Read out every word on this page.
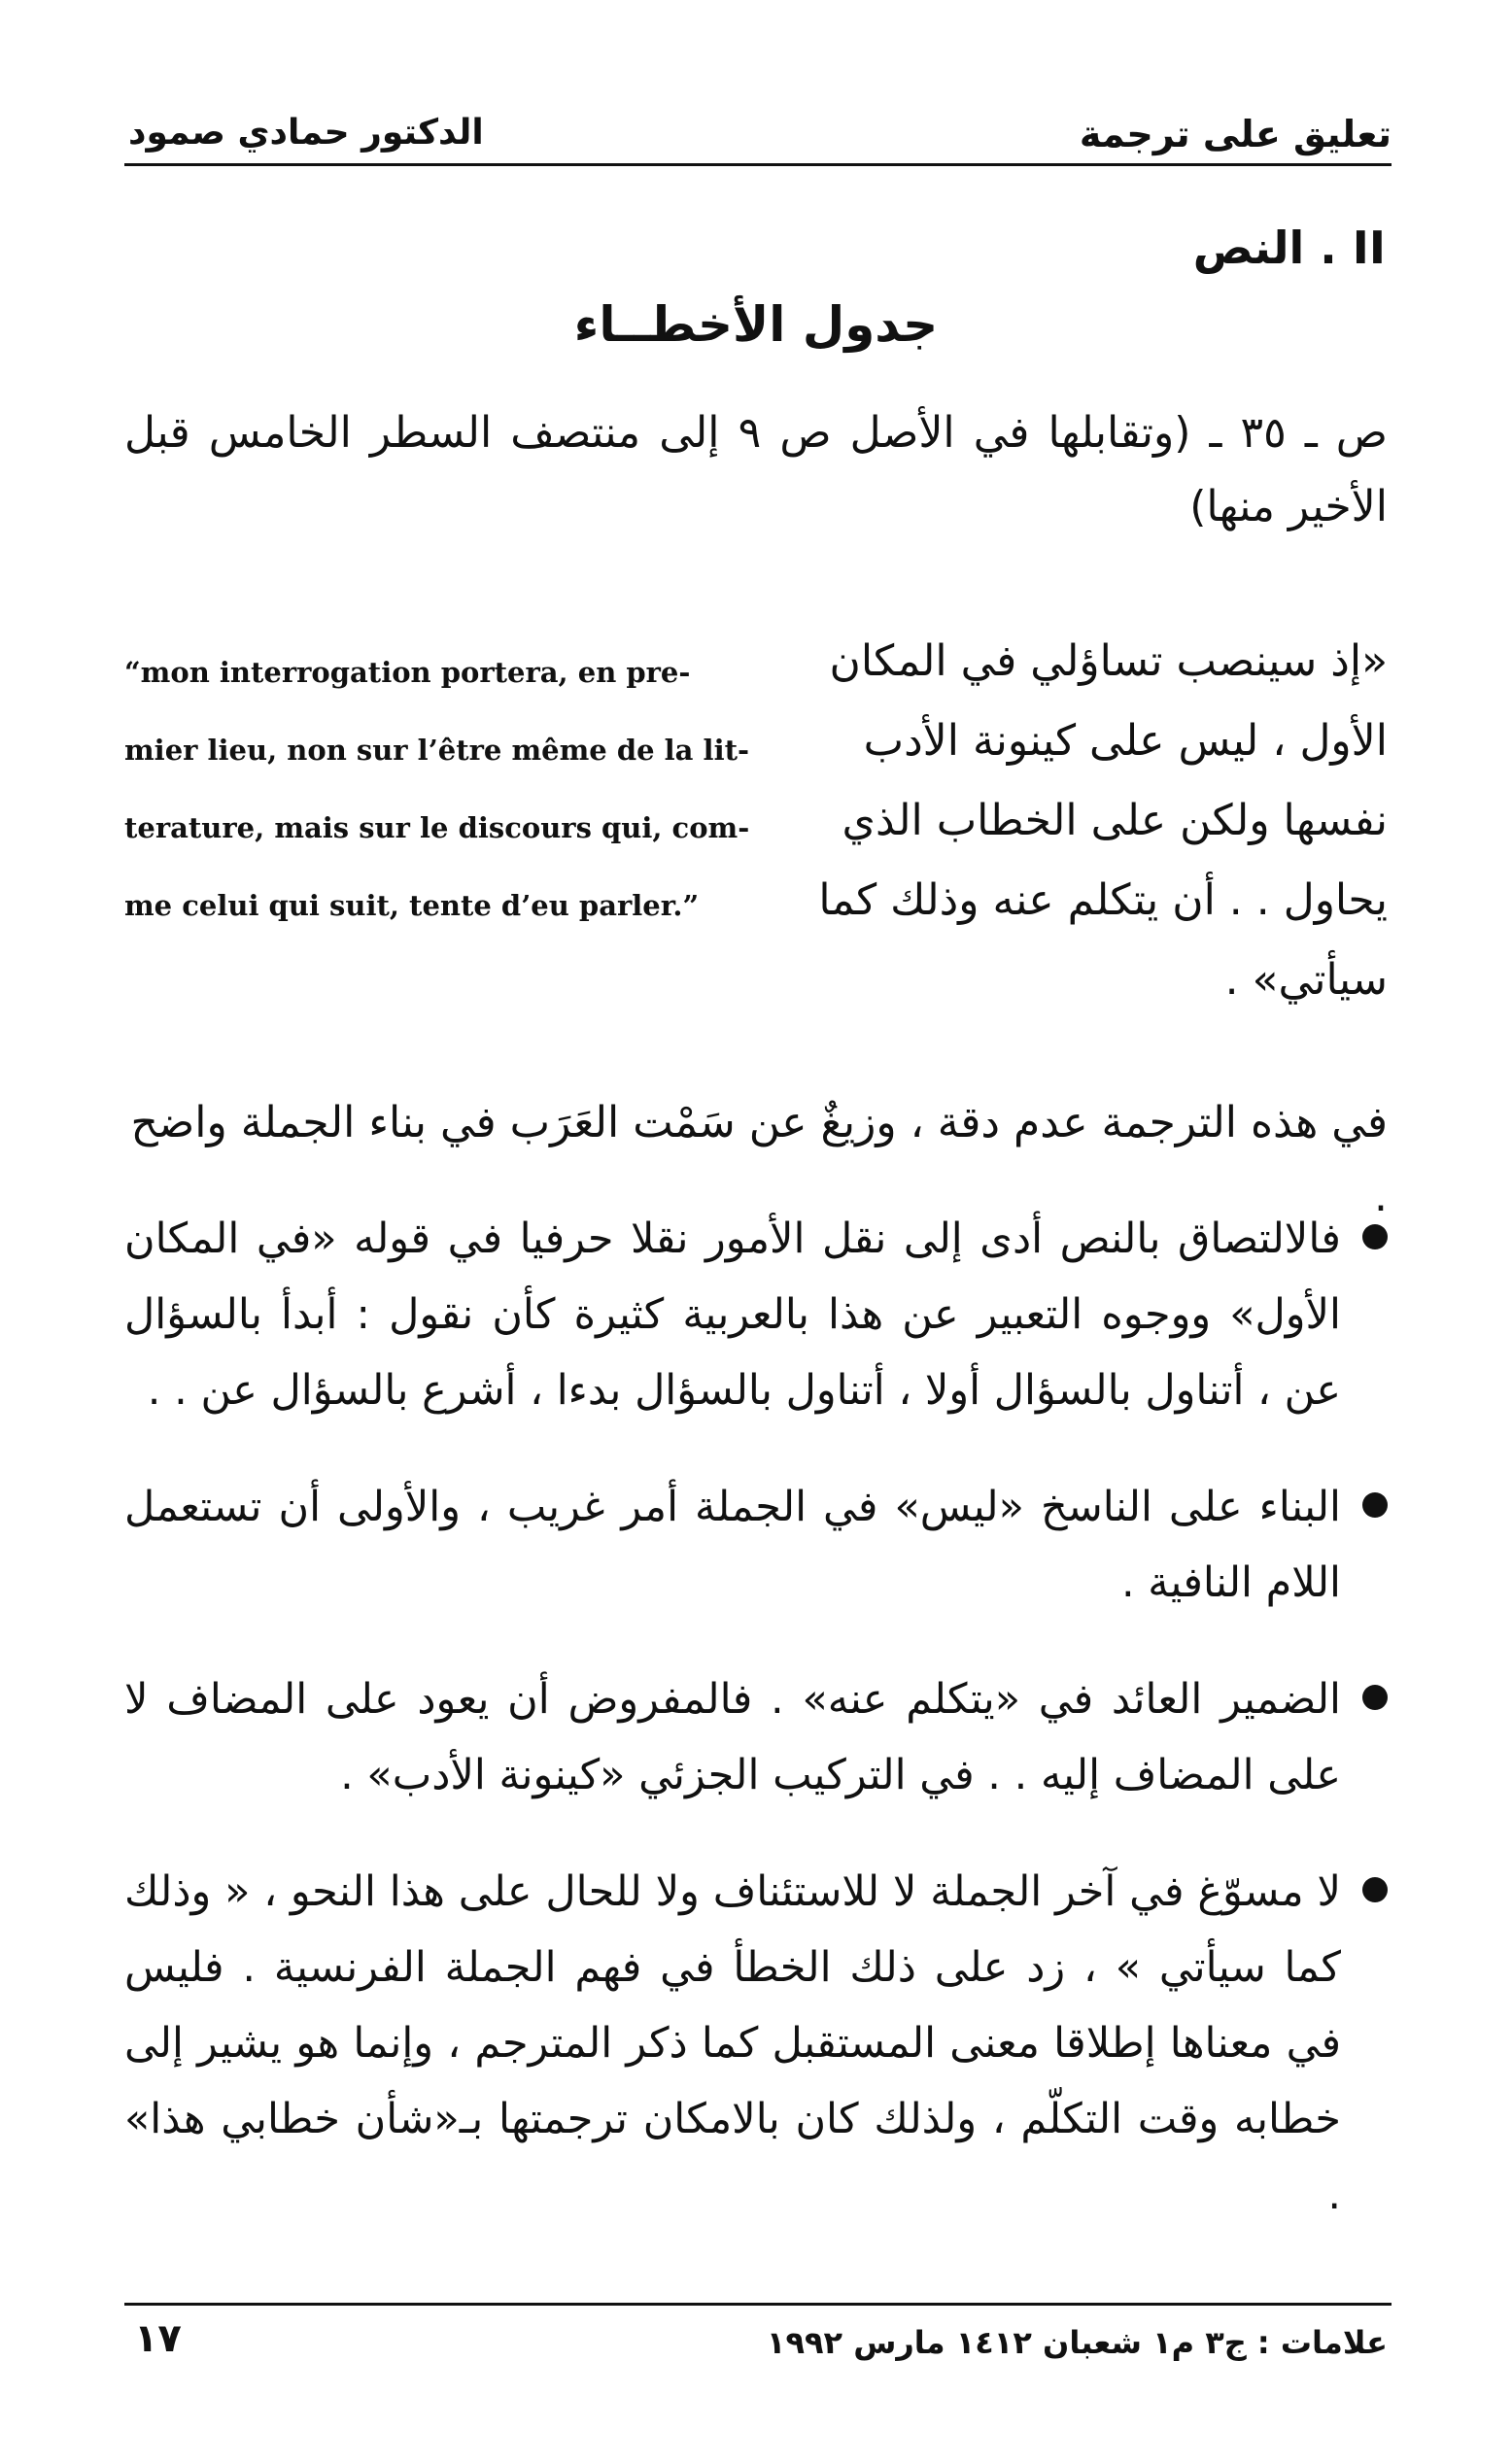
تعليق على ترجمة
الدكتور حمادي صمود
II . النص
جدول الأخطــاء
ص ـ ٣٥ ـ (وتقابلها في الأصل ص ٩ إلى منتصف السطر الخامس قبل الأخير منها)
“mon interrogation portera, en pre-
mier lieu, non sur l’être même de la lit-
terature, mais sur le discours qui, com-
me celui qui suit, tente d’eu parler.”
«إذ سينصب تساؤلي في المكان
الأول ، ليس على كينونة الأدب
نفسها ولكن على الخطاب الذي
يحاول . . أن يتكلم عنه وذلك كما
سيأتي» .
في هذه الترجمة عدم دقة ، وزيغٌ عن سَمْت العَرَب في بناء الجملة واضح .
فالالتصاق بالنص أدى إلى نقل الأمور نقلا حرفيا في قوله «في المكان الأول» ووجوه التعبير عن هذا بالعربية كثيرة كأن نقول : أبدأ بالسؤال عن ، أتناول بالسؤال أولا ، أتناول بالسؤال بدءا ، أشرع بالسؤال عن . .
البناء على الناسخ «ليس» في الجملة أمر غريب ، والأولى أن تستعمل اللام النافية .
الضمير العائد في «يتكلم عنه» . فالمفروض أن يعود على المضاف لا على المضاف إليه . . في التركيب الجزئي «كينونة الأدب» .
لا مسوّغ في آخر الجملة لا للاستئناف ولا للحال على هذا النحو ، « وذلك كما سيأتي » ، زد على ذلك الخطأ في فهم الجملة الفرنسية . فليس في معناها إطلاقا معنى المستقبل كما ذكر المترجم ، وإنما هو يشير إلى خطابه وقت التكلّم ، ولذلك كان بالامكان ترجمتها بـ«شأن خطابي هذا» .
علامات : ج٣ م١ شعبان ١٤١٢ مارس ١٩٩٢
١٧
